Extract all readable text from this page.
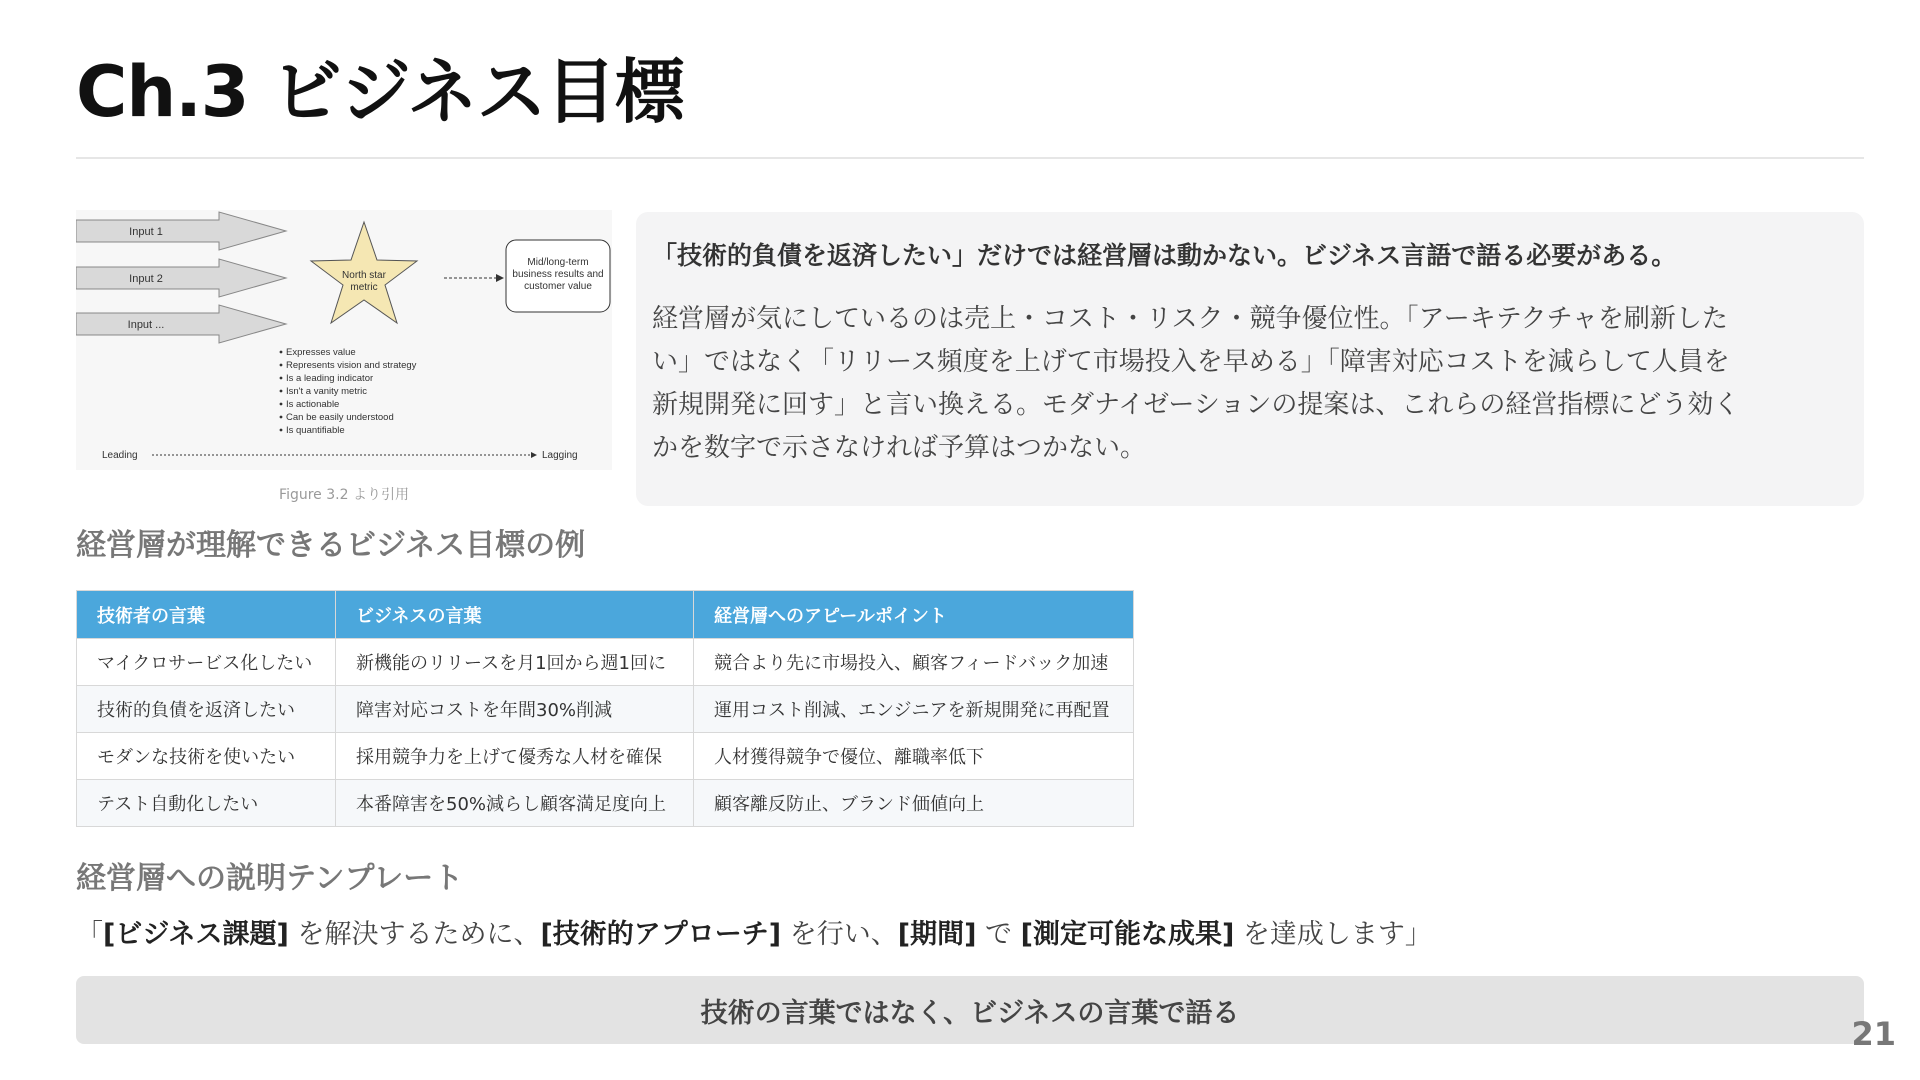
Ch.3 ビジネス目標
Input 1
Input 2
Input ...
North star
metric
Mid/long-term
business results and
customer value
Expresses value
Represents vision and strategy
Is a leading indicator
Isn't a vanity metric
Is actionable
Can be easily understood
Is quantifiable
Leading	Lagging
Figure 3.2 より引用
「技術的負債を返済したい」だけでは経営層は動かない。ビジネス言語で語る必要がある。

経営層が気にしているのは売上・コスト・リスク・競争優位性。「アーキテクチャを刷新した
い」ではなく「リリース頻度を上げて市場投入を早める」「障害対応コストを減らして人員を
新規開発に回す」と言い換える。モダナイゼーションの提案は、これらの経営指標にどう効く
かを数字で示さなければ予算はつかない。

経営層が理解できるビジネス目標の例
技術者の言葉	ビジネスの言葉	経営層へのアピールポイント
マイクロサービス化したい	新機能のリリースを月1回から週1回に	競合より先に市場投入、顧客フィードバック加速
技術的負債を返済したい	障害対応コストを年間30%削減	運用コスト削減、エンジニアを新規開発に再配置
モダンな技術を使いたい	採用競争力を上げて優秀な人材を確保	人材獲得競争で優位、離職率低下
テスト自動化したい	本番障害を50%減らし顧客満足度向上	顧客離反防止、ブランド価値向上
経営層への説明テンプレート

「[ビジネス課題] を解決するために、[技術的アプローチ] を行い、[期間] で [測定可能な成果] を達成します」

技術の言葉ではなく、ビジネスの言葉で語る
21
